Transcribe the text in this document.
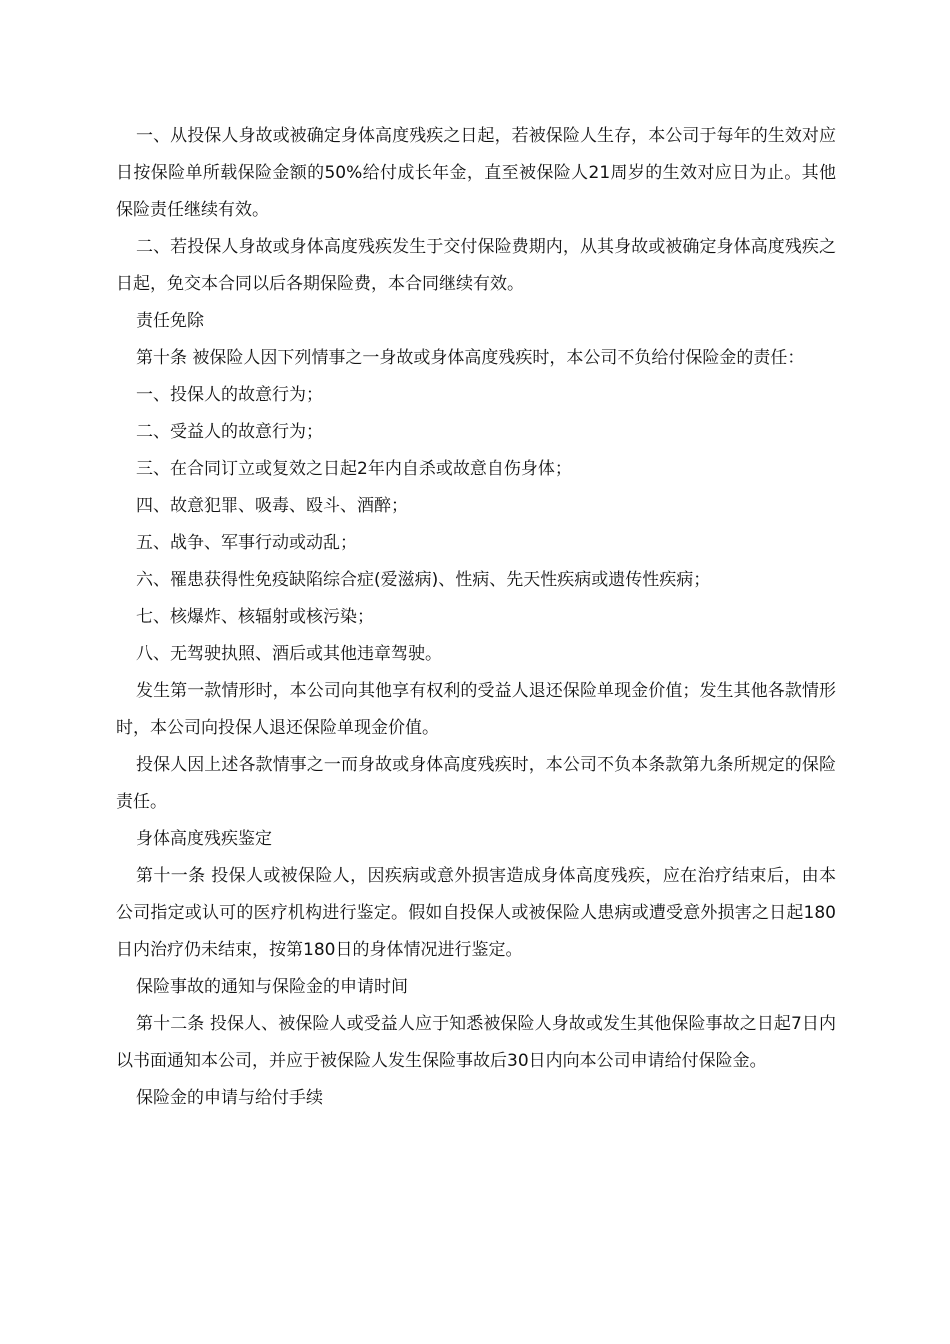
一、从投保人身故或被确定身体高度残疾之日起，若被保险人生存，本公司于每年的生效对应日按保险单所载保险金额的50%给付成长年金，直至被保险人21周岁的生效对应日为止。其他保险责任继续有效。

二、若投保人身故或身体高度残疾发生于交付保险费期内，从其身故或被确定身体高度残疾之日起，免交本合同以后各期保险费，本合同继续有效。

责任免除

第十条 被保险人因下列情事之一身故或身体高度残疾时，本公司不负给付保险金的责任：

一、投保人的故意行为；

二、受益人的故意行为；

三、在合同订立或复效之日起2年内自杀或故意自伤身体；

四、故意犯罪、吸毒、殴斗、酒醉；

五、战争、军事行动或动乱；

六、罹患获得性免疫缺陷综合症(爱滋病)、性病、先天性疾病或遗传性疾病；

七、核爆炸、核辐射或核污染；

八、无驾驶执照、酒后或其他违章驾驶。

发生第一款情形时，本公司向其他享有权利的受益人退还保险单现金价值；发生其他各款情形时，本公司向投保人退还保险单现金价值。

投保人因上述各款情事之一而身故或身体高度残疾时，本公司不负本条款第九条所规定的保险责任。

身体高度残疾鉴定

第十一条 投保人或被保险人，因疾病或意外损害造成身体高度残疾，应在治疗结束后，由本公司指定或认可的医疗机构进行鉴定。假如自投保人或被保险人患病或遭受意外损害之日起180日内治疗仍未结束，按第180日的身体情况进行鉴定。

保险事故的通知与保险金的申请时间

第十二条 投保人、被保险人或受益人应于知悉被保险人身故或发生其他保险事故之日起7日内以书面通知本公司，并应于被保险人发生保险事故后30日内向本公司申请给付保险金。

保险金的申请与给付手续
